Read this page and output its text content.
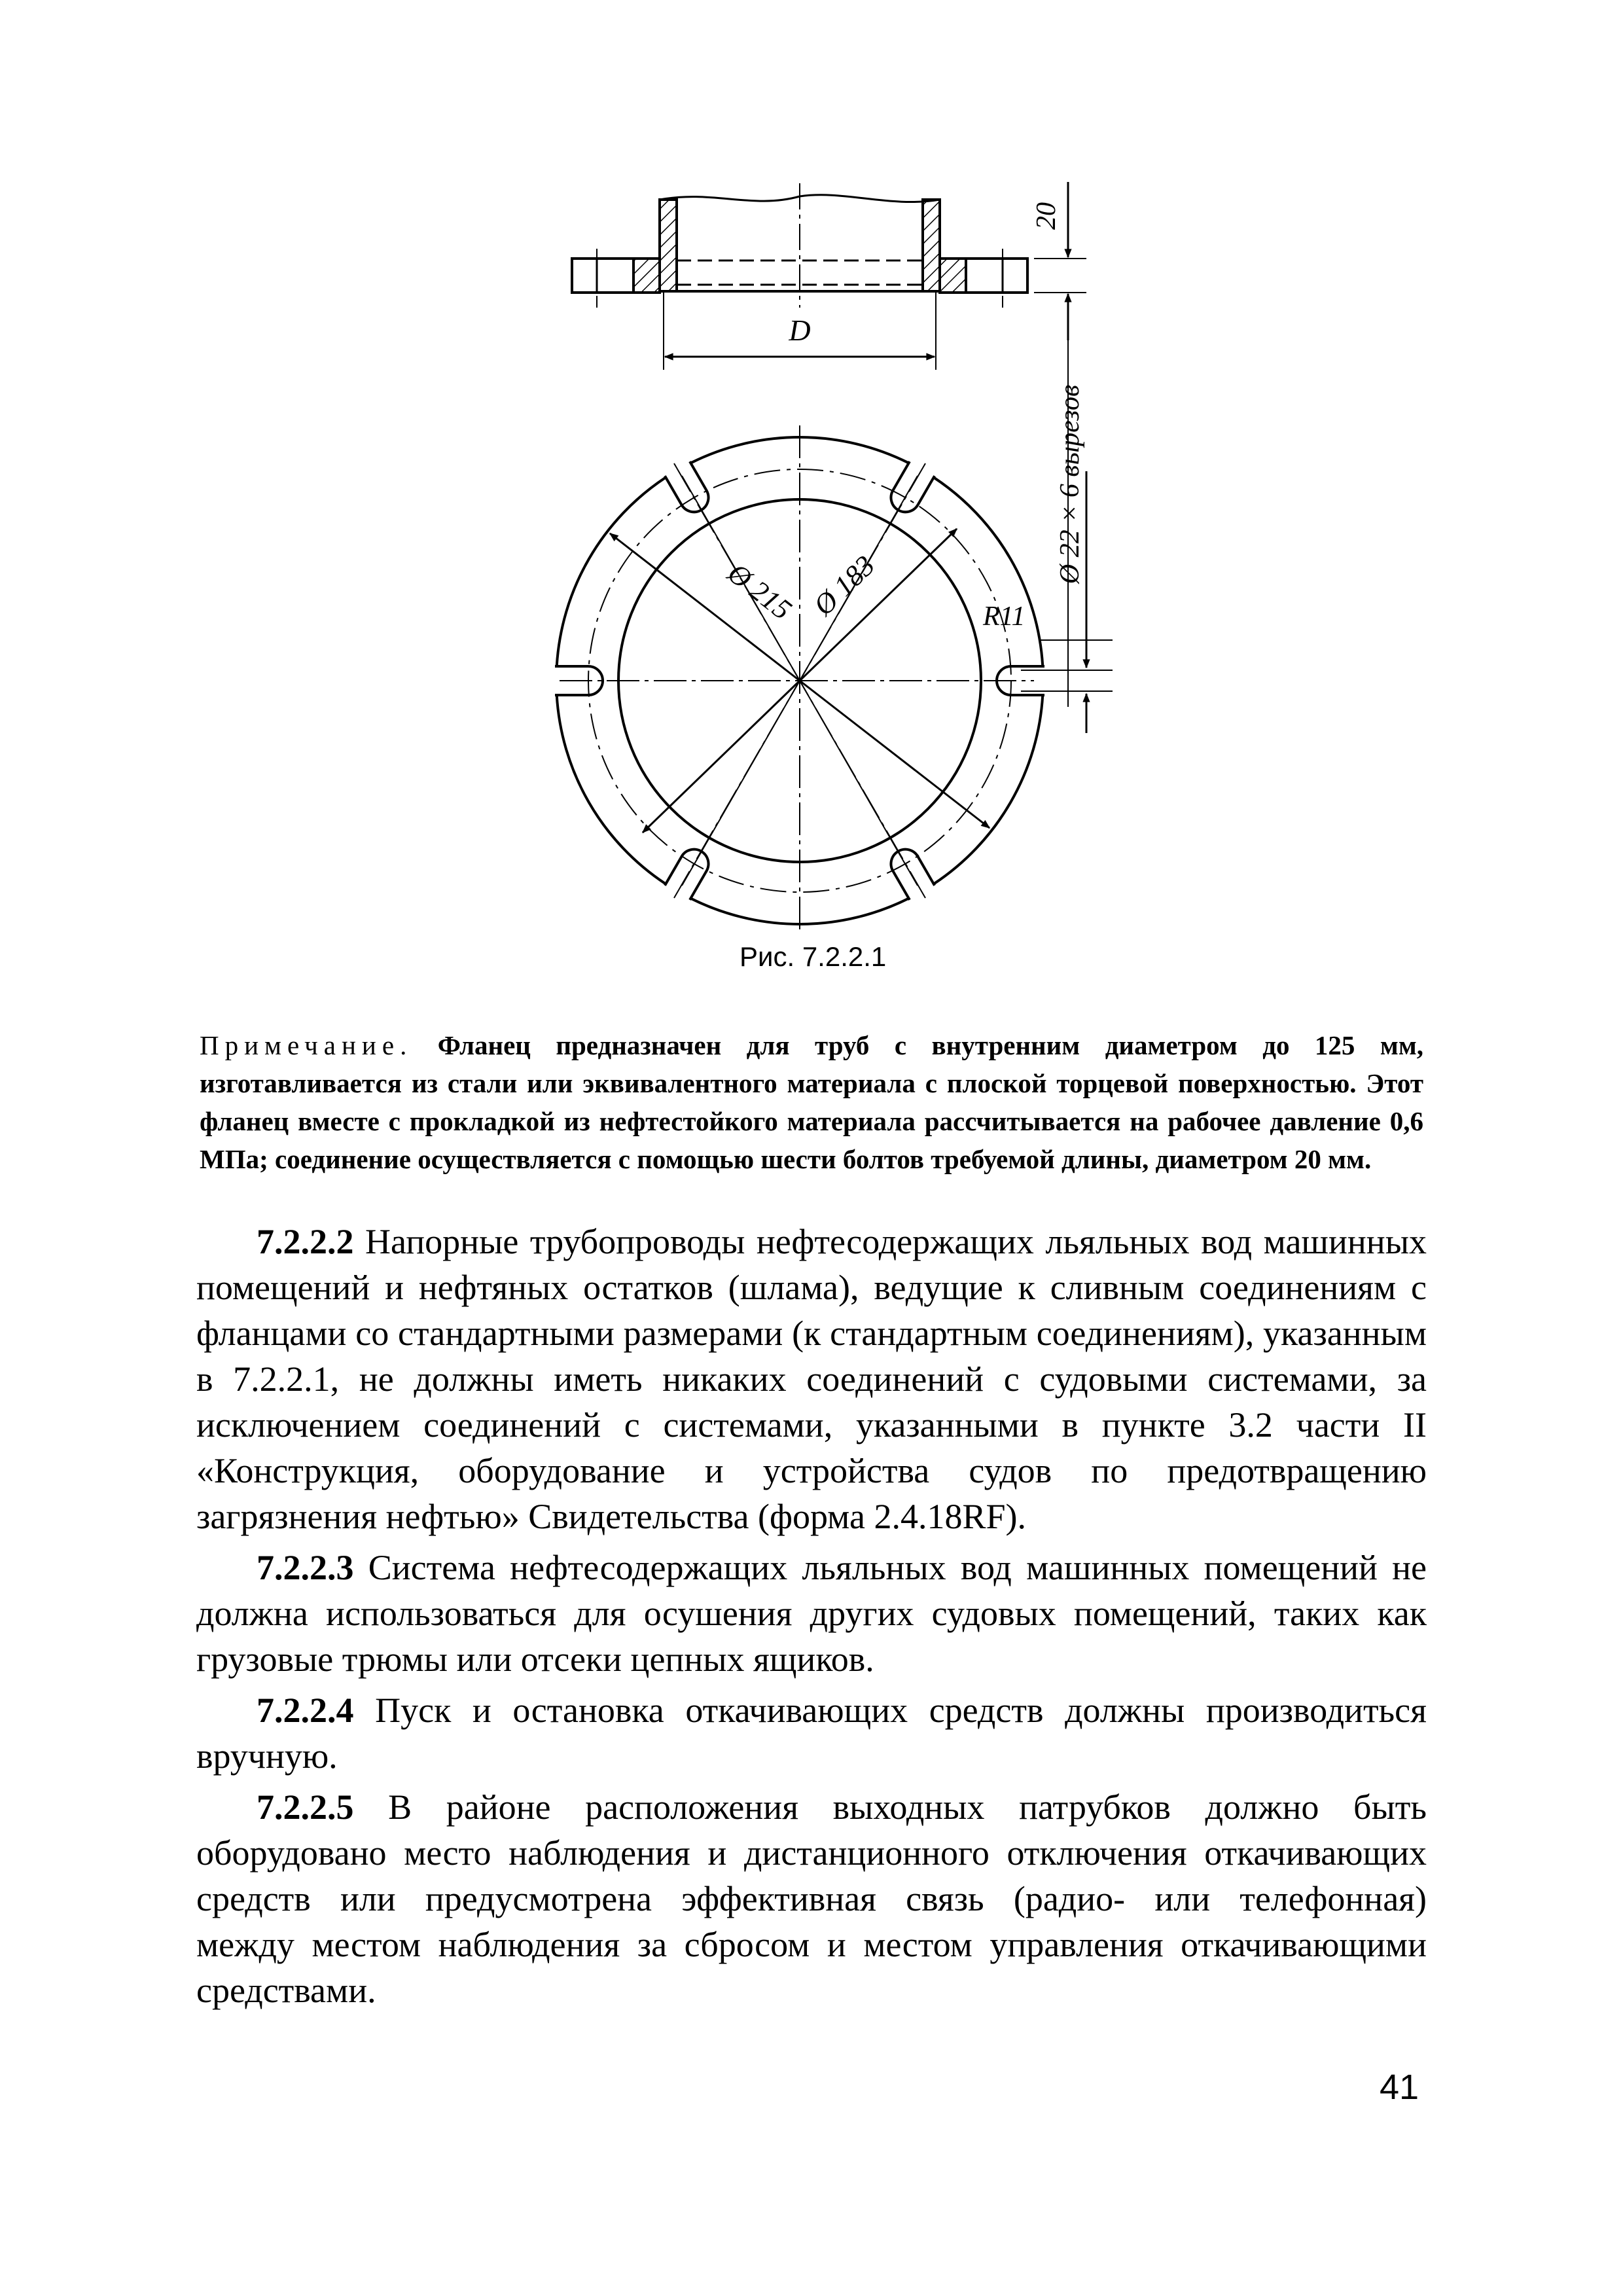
D
20
Ø 22 × 6 вырезов
Ø 215 Ø 183	R11
Рис. 7.2.2.1
Примечание. Фланец предназначен для труб с внутренним диаметром до 125 мм, изготавливается из стали или эквивалентного материала с плоской торцевой поверхностью. Этот фланец вместе с прокладкой из нефтестойкого материала рассчитывается на рабочее давление 0,6 МПа; соединение осуществляется с помощью шести болтов требуемой длины, диаметром 20 мм.

7.2.2.2 Напорные трубопроводы нефтесодержащих льяльных вод машинных помещений и нефтяных остатков (шлама), ведущие к сливным соединениям с фланцами со стандартными размерами (к стандартным соединениям), указанным в 7.2.2.1, не должны иметь никаких соединений с судовыми системами, за исключением соединений с системами, указанными в пункте 3.2 части II «Конструкция, оборудование и устройства судов по предотвращению загрязнения нефтью» Свидетельства (форма 2.4.18RF).

7.2.2.3 Система нефтесодержащих льяльных вод машинных помещений не должна использоваться для осушения других судовых помещений, таких как грузовые трюмы или отсеки цепных ящиков.

7.2.2.4 Пуск и остановка откачивающих средств должны производиться вручную.

7.2.2.5 В районе расположения выходных патрубков должно быть оборудовано место наблюдения и дистанционного отключения откачивающих средств или предусмотрена эффективная связь (радио- или телефонная) между местом наблюдения за сбросом и местом управления откачивающими средствами.

41
